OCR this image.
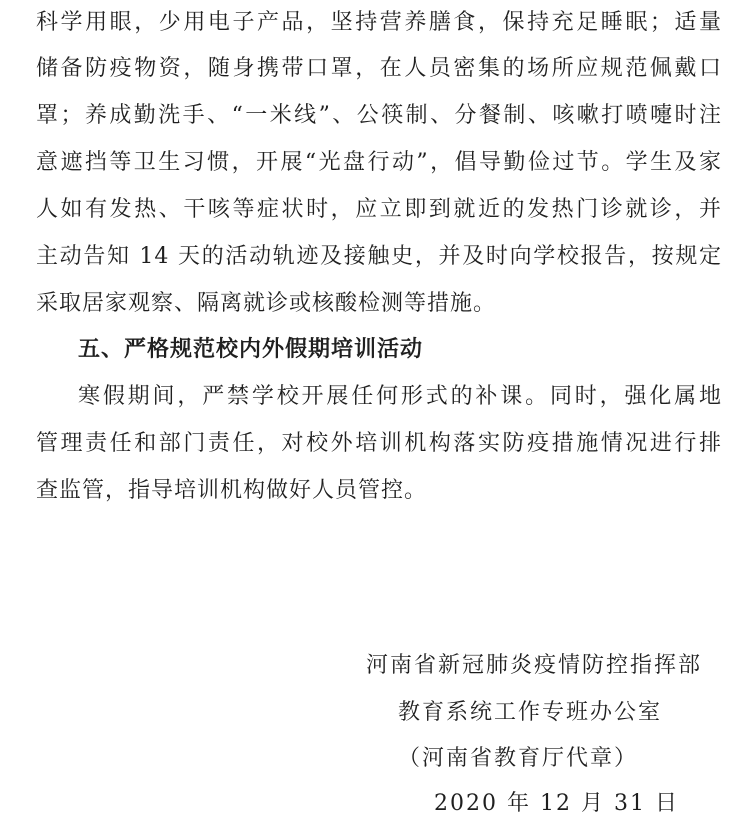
科学用眼，少用电子产品，坚持营养膳食，保持充足睡眠；适量
储备防疫物资，随身携带口罩，在人员密集的场所应规范佩戴口
罩；养成勤洗手、“一米线”、公筷制、分餐制、咳嗽打喷嚏时注
意遮挡等卫生习惯，开展“光盘行动”，倡导勤俭过节。学生及家
人如有发热、干咳等症状时，应立即到就近的发热门诊就诊，并
主动告知 14 天的活动轨迹及接触史，并及时向学校报告，按规定
采取居家观察、隔离就诊或核酸检测等措施。
五、严格规范校内外假期培训活动
寒假期间，严禁学校开展任何形式的补课。同时，强化属地
管理责任和部门责任，对校外培训机构落实防疫措施情况进行排
查监管，指导培训机构做好人员管控。
河南省新冠肺炎疫情防控指挥部
教育系统工作专班办公室
（河南省教育厅代章）
2020 年 12 月 31 日
